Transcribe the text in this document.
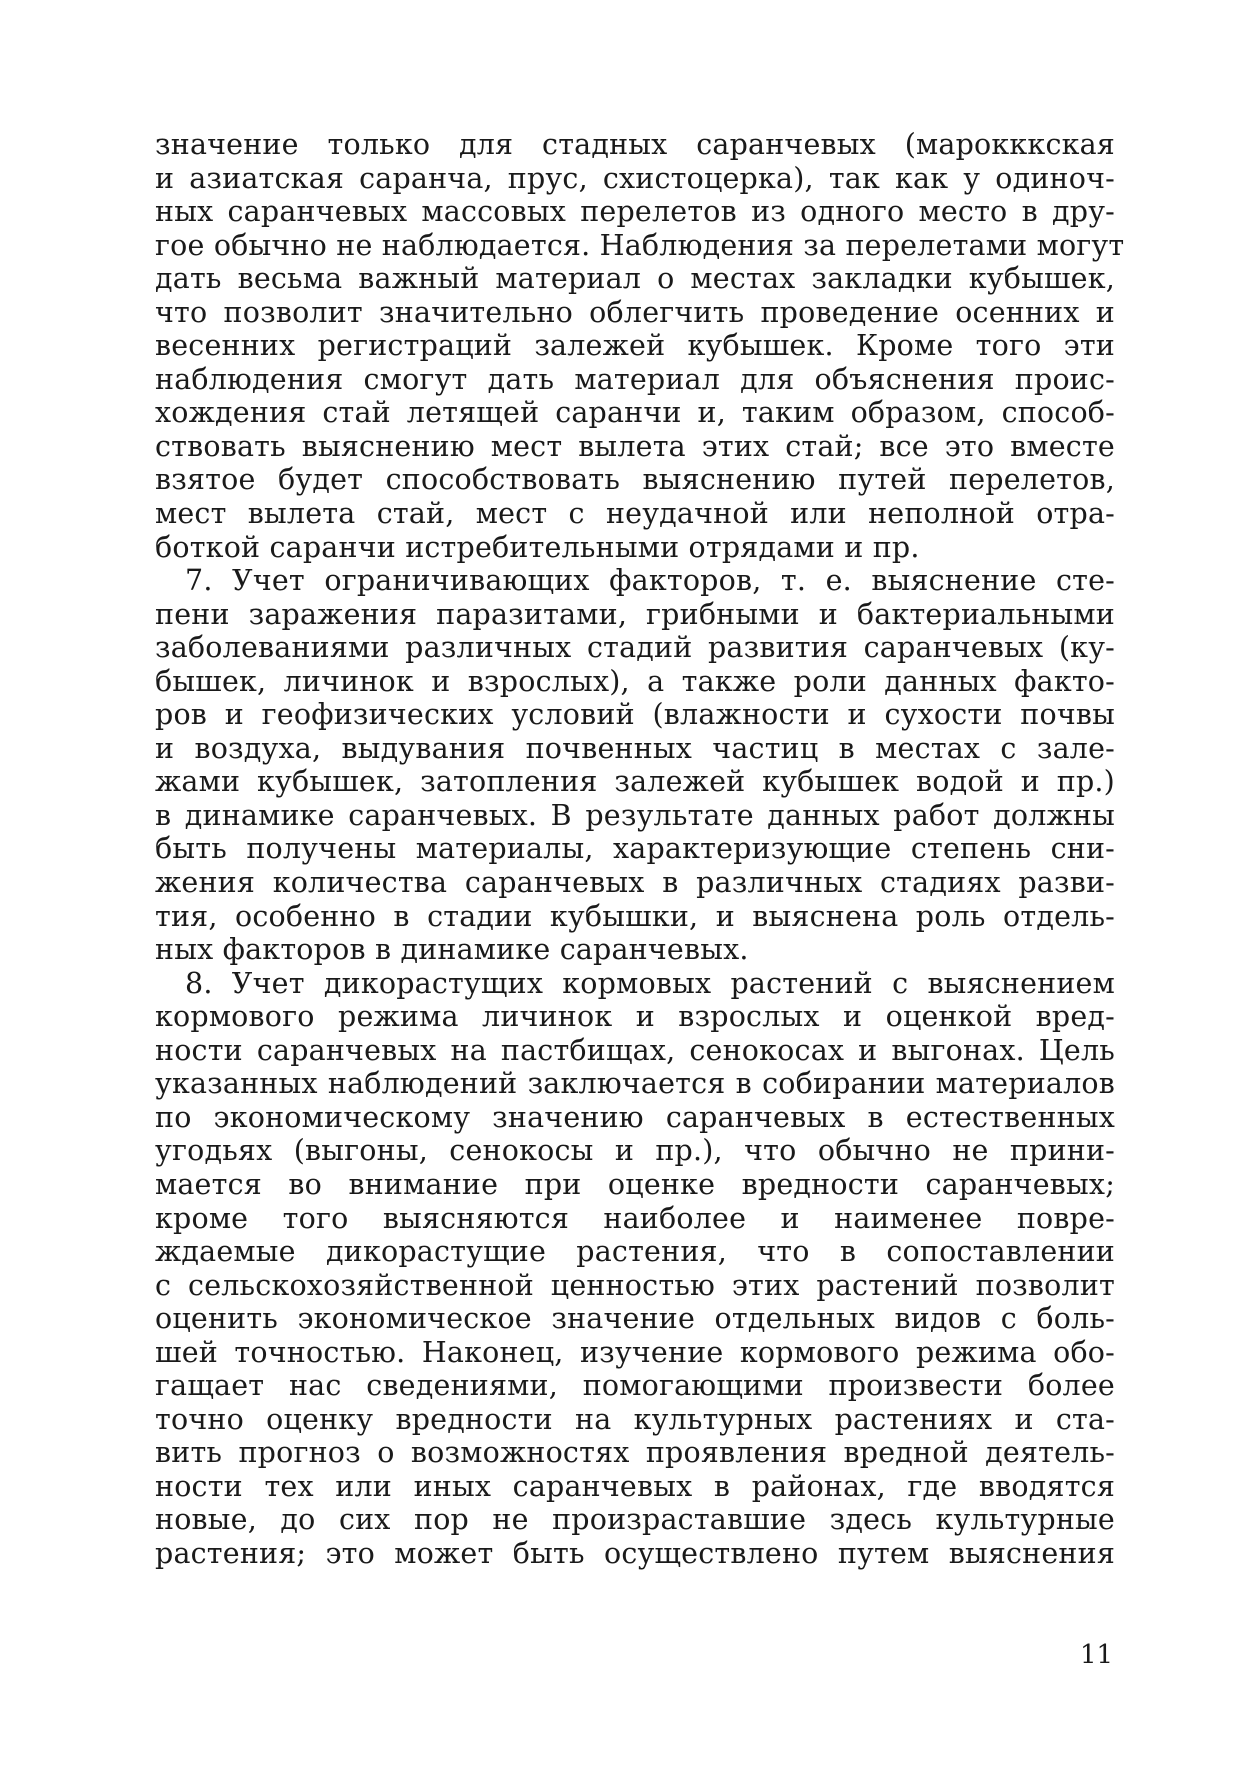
значение только для стадных саранчевых (марокккская
и азиатская саранча, прус, схистоцерка), так как у одиноч-
ных саранчевых массовых перелетов из одного место в дру-
гое обычно не наблюдается. Наблюдения за перелетами могут
дать весьма важный материал о местах закладки кубышек,
что позволит значительно облегчить проведение осенних и
весенних регистраций залежей кубышек. Кроме того эти
наблюдения смогут дать материал для объяснения проис-
хождения стай летящей саранчи и, таким образом, способ-
ствовать выяснению мест вылета этих стай; все это вместе
взятое будет способствовать выяснению путей перелетов,
мест вылета стай, мест с неудачной или неполной отра-
боткой саранчи истребительными отрядами и пр.
7. Учет ограничивающих факторов, т. е. выяснение сте-
пени заражения паразитами, грибными и бактериальными
заболеваниями различных стадий развития саранчевых (ку-
бышек, личинок и взрослых), а также роли данных факто-
ров и геофизических условий (влажности и сухости почвы
и воздуха, выдувания почвенных частиц в местах с зале-
жами кубышек, затопления залежей кубышек водой и пр.)
в динамике саранчевых. В результате данных работ должны
быть получены материалы, характеризующие степень сни-
жения количества саранчевых в различных стадиях разви-
тия, особенно в стадии кубышки, и выяснена роль отдель-
ных факторов в динамике саранчевых.
8. Учет дикорастущих кормовых растений с выяснением
кормового режима личинок и взрослых и оценкой вред-
ности саранчевых на пастбищах, сенокосах и выгонах. Цель
указанных наблюдений заключается в собирании материалов
по экономическому значению саранчевых в естественных
угодьях (выгоны, сенокосы и пр.), что обычно не прини-
мается во внимание при оценке вредности саранчевых;
кроме того выясняются наиболее и наименее повре-
ждаемые дикорастущие растения, что в сопоставлении
с сельскохозяйственной ценностью этих растений позволит
оценить экономическое значение отдельных видов с боль-
шей точностью. Наконец, изучение кормового режима обо-
гащает нас сведениями, помогающими произвести более
точно оценку вредности на культурных растениях и ста-
вить прогноз о возможностях проявления вредной деятель-
ности тех или иных саранчевых в районах, где вводятся
новые, до сих пор не произраставшие здесь культурные
растения; это может быть осуществлено путем выяснения
11
